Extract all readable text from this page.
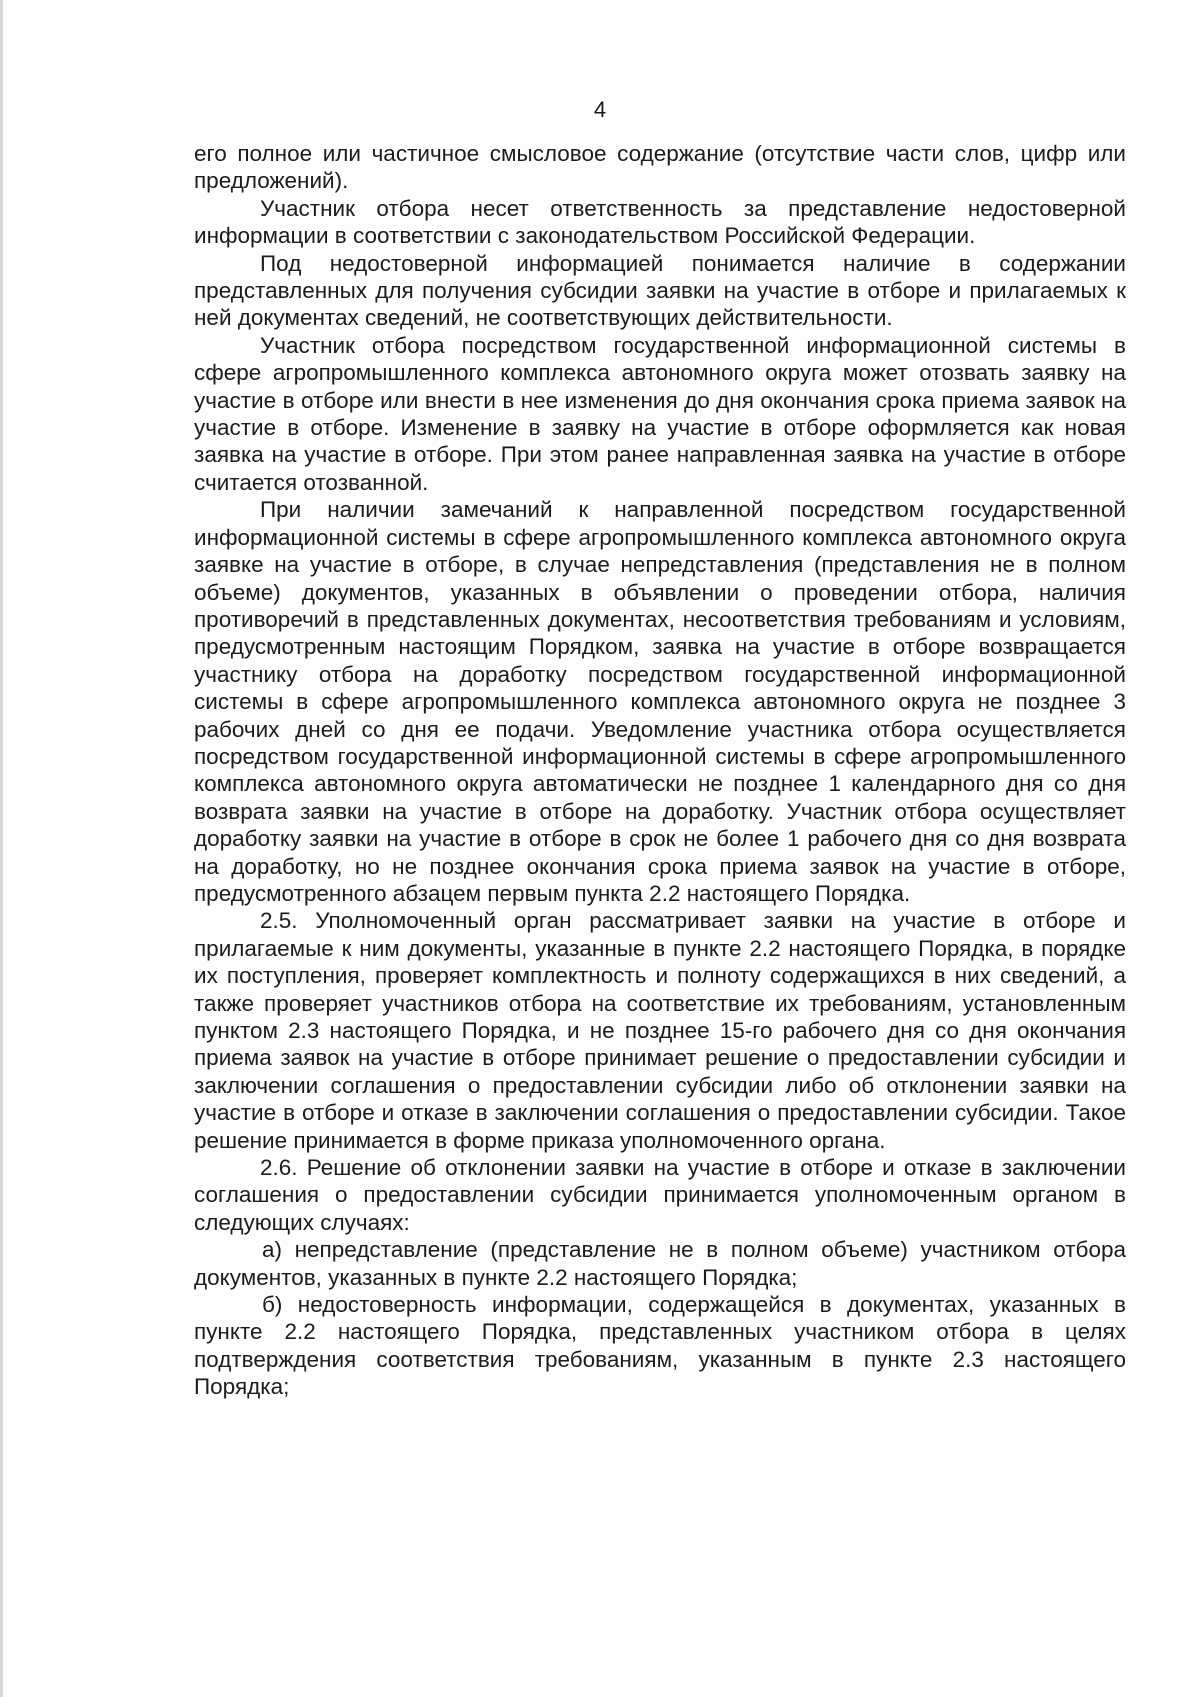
4

его полное или частичное смысловое содержание (отсутствие части слов, цифр или предложений).

Участник отбора несет ответственность за представление недостоверной информации в соответствии с законодательством Российской Федерации.

Под недостоверной информацией понимается наличие в содержании представленных для получения субсидии заявки на участие в отборе и прилагаемых к ней документах сведений, не соответствующих действительности.

Участник отбора посредством государственной информационной системы в сфере агропромышленного комплекса автономного округа может отозвать заявку на участие в отборе или внести в нее изменения до дня окончания срока приема заявок на участие в отборе. Изменение в заявку на участие в отборе оформляется как новая заявка на участие в отборе. При этом ранее направленная заявка на участие в отборе считается отозванной.

При наличии замечаний к направленной посредством государственной информационной системы в сфере агропромышленного комплекса автономного округа заявке на участие в отборе, в случае непредставления (представления не в полном объеме) документов, указанных в объявлении о проведении отбора, наличия противоречий в представленных документах, несоответствия требованиям и условиям, предусмотренным настоящим Порядком, заявка на участие в отборе возвращается участнику отбора на доработку посредством государственной информационной системы в сфере агропромышленного комплекса автономного округа не позднее 3 рабочих дней со дня ее подачи. Уведомление участника отбора осуществляется посредством государственной информационной системы в сфере агропромышленного комплекса автономного округа автоматически не позднее 1 календарного дня со дня возврата заявки на участие в отборе на доработку. Участник отбора осуществляет доработку заявки на участие в отборе в срок не более 1 рабочего дня со дня возврата на доработку, но не позднее окончания срока приема заявок на участие в отборе, предусмотренного абзацем первым пункта 2.2 настоящего Порядка.

2.5. Уполномоченный орган рассматривает заявки на участие в отборе и прилагаемые к ним документы, указанные в пункте 2.2 настоящего Порядка, в порядке их поступления, проверяет комплектность и полноту содержащихся в них сведений, а также проверяет участников отбора на соответствие их требованиям, установленным пунктом 2.3 настоящего Порядка, и не позднее 15-го рабочего дня со дня окончания приема заявок на участие в отборе принимает решение о предоставлении субсидии и заключении соглашения о предоставлении субсидии либо об отклонении заявки на участие в отборе и отказе в заключении соглашения о предоставлении субсидии. Такое решение принимается в форме приказа уполномоченного органа.

2.6. Решение об отклонении заявки на участие в отборе и отказе в заключении соглашения о предоставлении субсидии принимается уполномоченным органом в следующих случаях:

а) непредставление (представление не в полном объеме) участником отбора документов, указанных в пункте 2.2 настоящего Порядка;

б) недостоверность информации, содержащейся в документах, указанных в пункте 2.2 настоящего Порядка, представленных участником отбора в целях подтверждения соответствия требованиям, указанным в пункте 2.3 настоящего Порядка;
